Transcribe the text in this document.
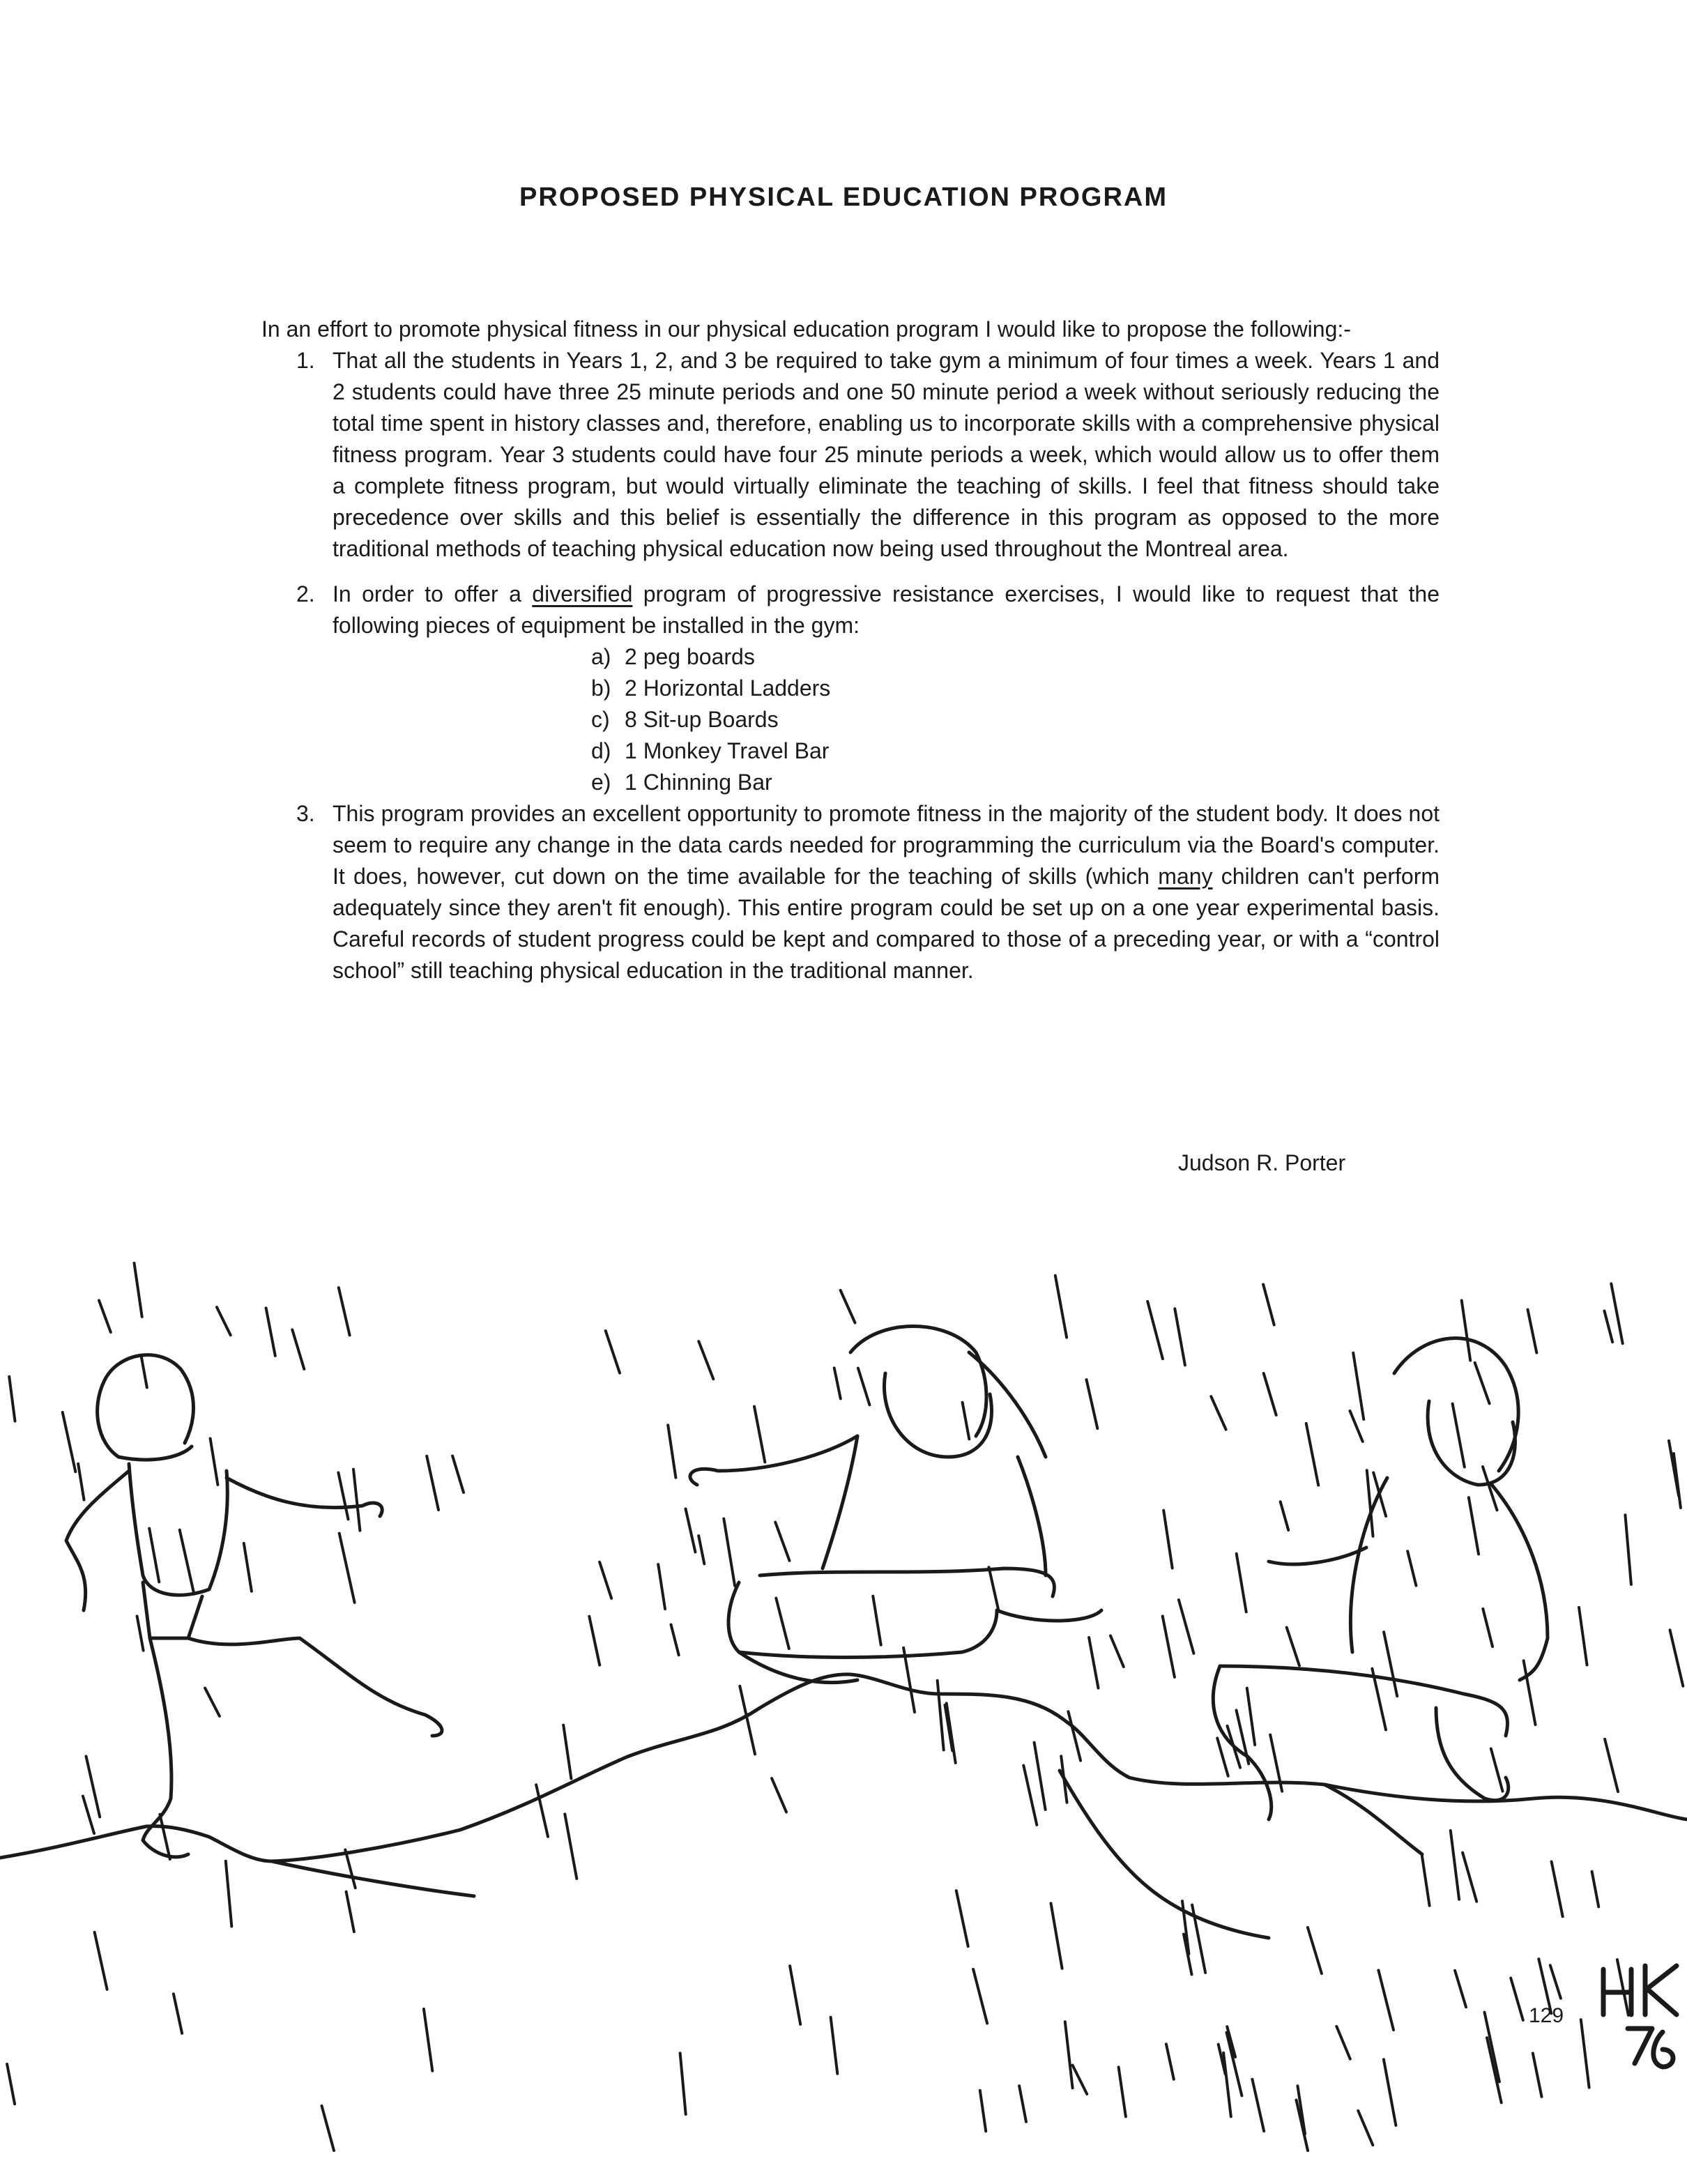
PROPOSED PHYSICAL EDUCATION PROGRAM

In an effort to promote physical fitness in our physical education program I would like to propose the following:-

1. That all the students in Years 1, 2, and 3 be required to take gym a minimum of four times a week. Years 1 and 2 students could have three 25 minute periods and one 50 minute period a week without seriously reducing the total time spent in history classes and, therefore, enabling us to incorporate skills with a comprehensive physical fitness program. Year 3 students could have four 25 minute periods a week, which would allow us to offer them a complete fitness program, but would virtually eliminate the teaching of skills. I feel that fitness should take precedence over skills and this belief is essentially the difference in this program as opposed to the more traditional methods of teaching physical education now being used throughout the Montreal area.
2. In order to offer a diversified program of progressive resistance exercises, I would like to request that the following pieces of equipment be installed in the gym:
a) 2 peg boards
b) 2 Horizontal Ladders
c) 8 Sit-up Boards
d) 1 Monkey Travel Bar
e) 1 Chinning Bar
3. This program provides an excellent opportunity to promote fitness in the majority of the student body. It does not seem to require any change in the data cards needed for programming the curriculum via the Board's computer. It does, however, cut down on the time available for the teaching of skills (which many children can't perform adequately since they aren't fit enough). This entire program could be set up on a one year experimental basis. Careful records of student progress could be kept and compared to those of a preceding year, or with a “control school” still teaching physical education in the traditional manner.

Judson R. Porter

129
